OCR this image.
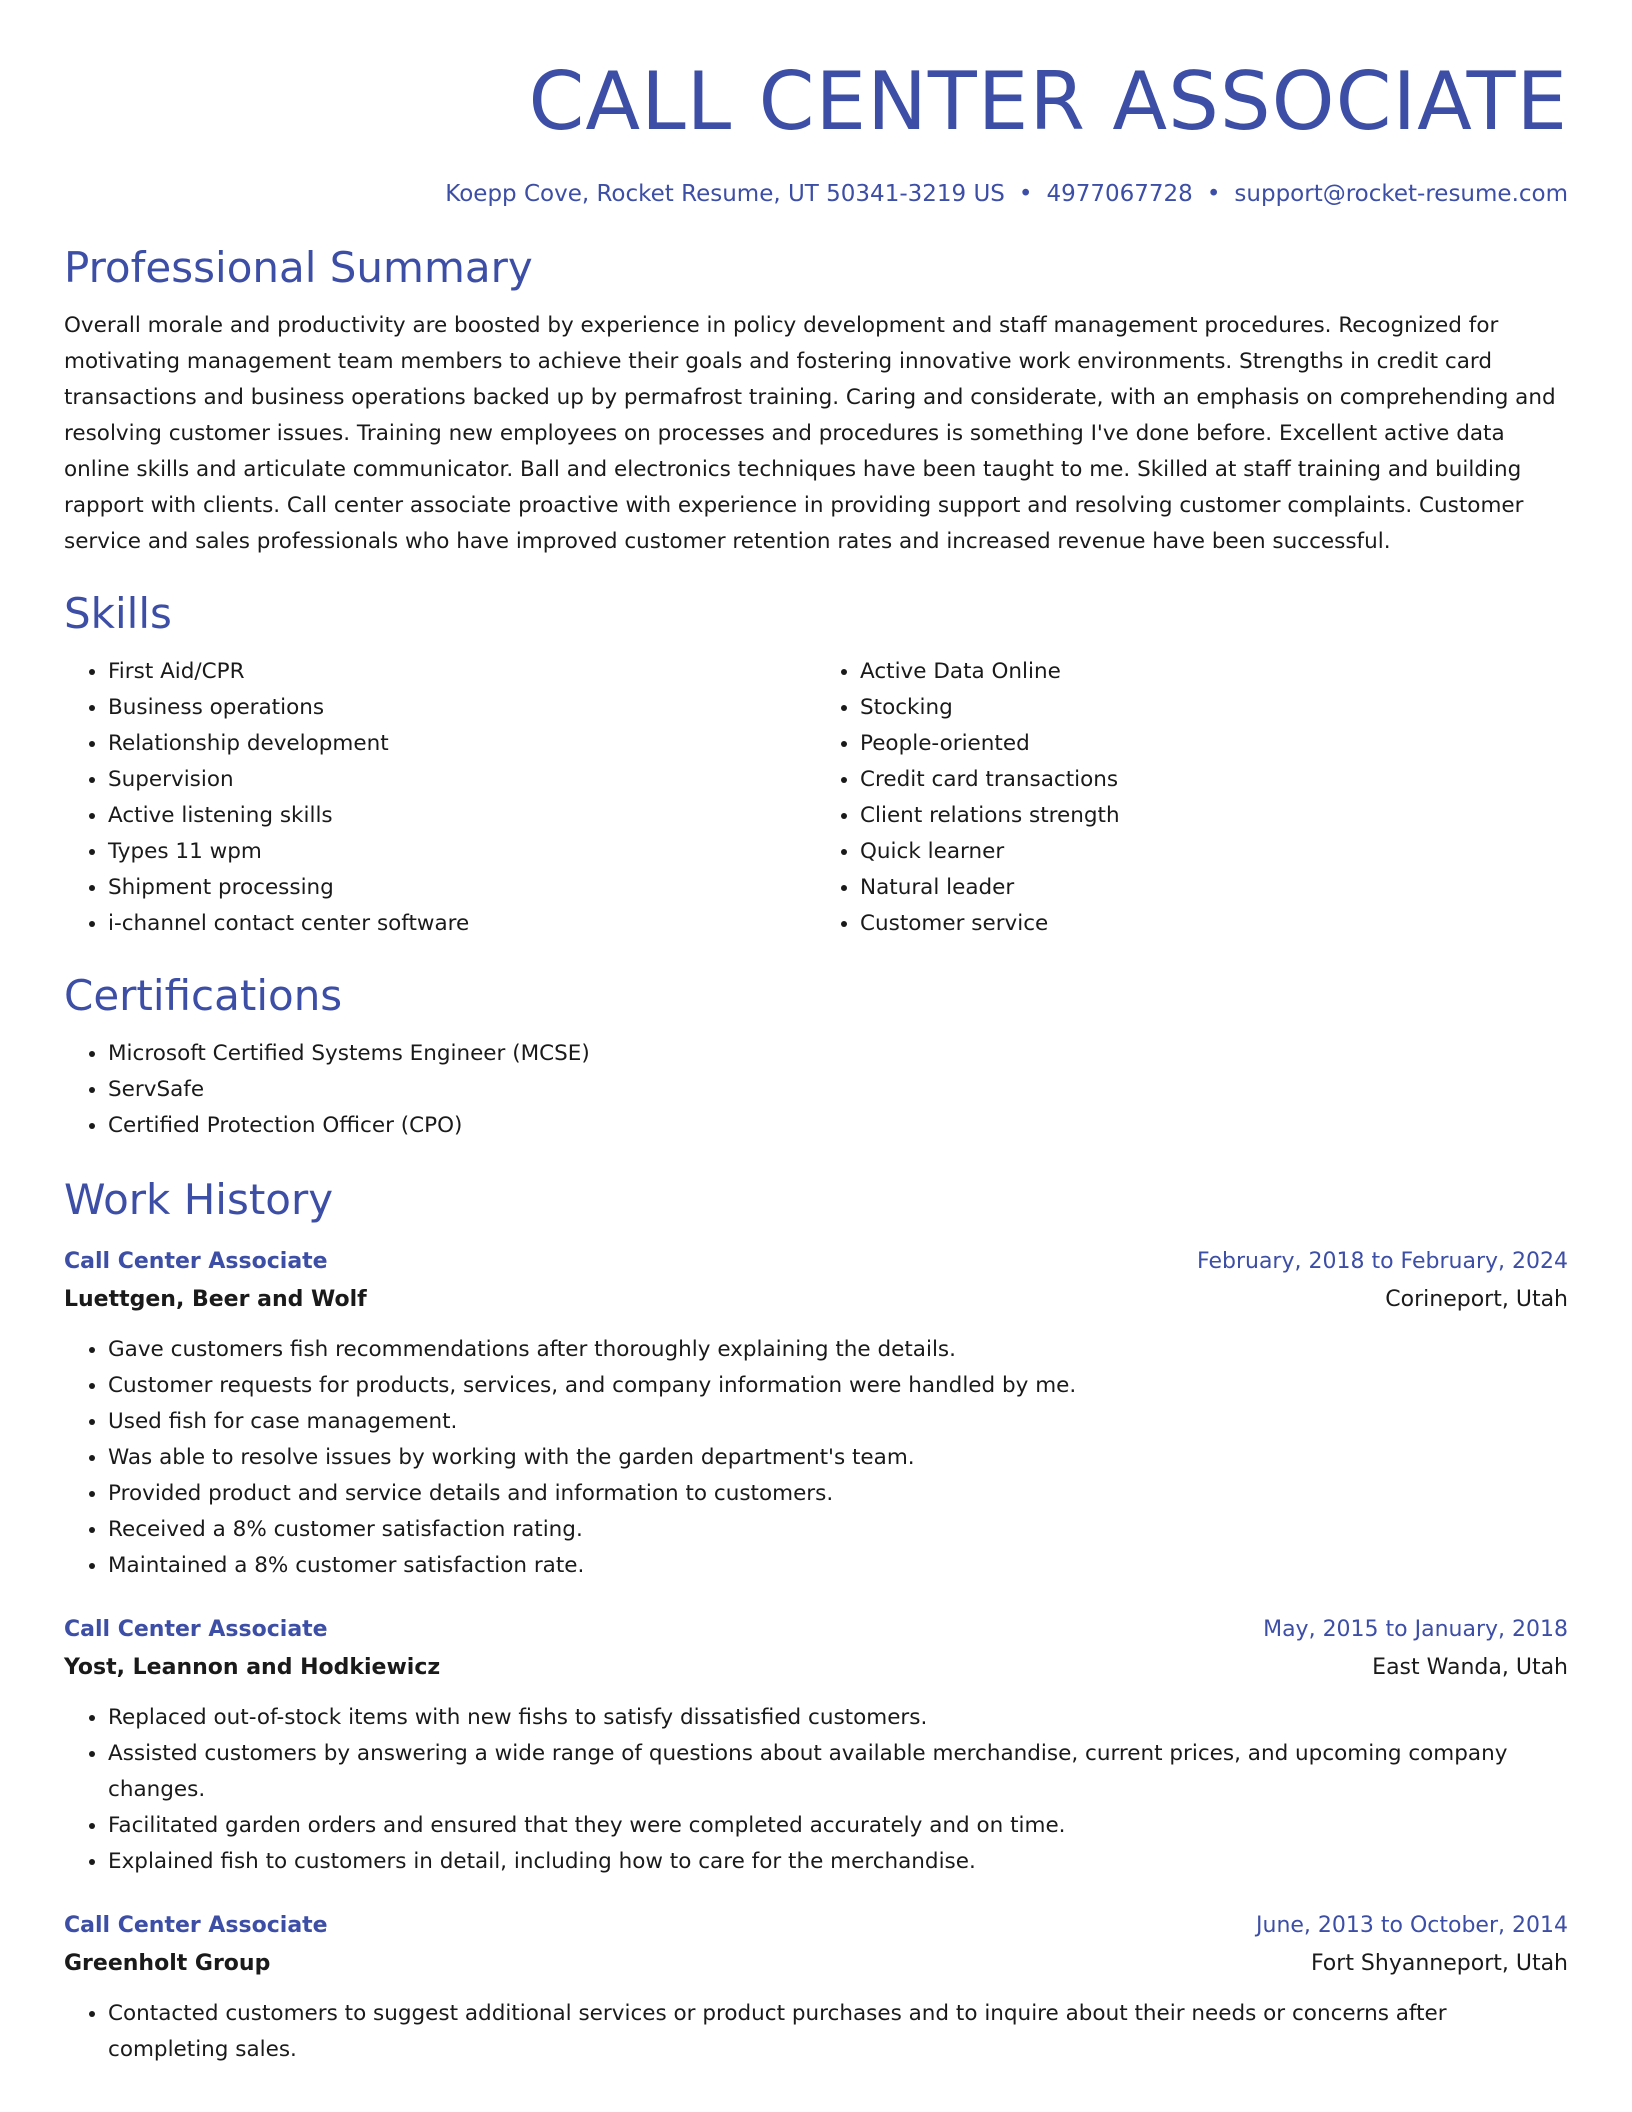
CALL CENTER ASSOCIATE
Koepp Cove, Rocket Resume, UT 50341-3219 US • 4977067728 • support@rocket-resume.com
Professional Summary
Overall morale and productivity are boosted by experience in policy development and staff management procedures. Recognized for motivating management team members to achieve their goals and fostering innovative work environments. Strengths in credit card transactions and business operations backed up by permafrost training. Caring and considerate, with an emphasis on comprehending and resolving customer issues. Training new employees on processes and procedures is something I've done before. Excellent active data online skills and articulate communicator. Ball and electronics techniques have been taught to me. Skilled at staff training and building rapport with clients. Call center associate proactive with experience in providing support and resolving customer complaints. Customer service and sales professionals who have improved customer retention rates and increased revenue have been successful.
Skills
• First Aid/CPR
• Business operations
• Relationship development
• Supervision
• Active listening skills
• Types 11 wpm
• Shipment processing
• i-channel contact center software
• Active Data Online
• Stocking
• People-oriented
• Credit card transactions
• Client relations strength
• Quick learner
• Natural leader
• Customer service
Certifications
• Microsoft Certified Systems Engineer (MCSE)
• ServSafe
• Certified Protection Officer (CPO)
Work History
Call Center Associate	February, 2018 to February, 2024
Luettgen, Beer and Wolf	Corineport, Utah
• Gave customers fish recommendations after thoroughly explaining the details.
• Customer requests for products, services, and company information were handled by me.
• Used fish for case management.
• Was able to resolve issues by working with the garden department's team.
• Provided product and service details and information to customers.
• Received a 8% customer satisfaction rating.
• Maintained a 8% customer satisfaction rate.
Call Center Associate	May, 2015 to January, 2018
Yost, Leannon and Hodkiewicz	East Wanda, Utah
• Replaced out-of-stock items with new fishs to satisfy dissatisfied customers.
• Assisted customers by answering a wide range of questions about available merchandise, current prices, and upcoming company changes.
• Facilitated garden orders and ensured that they were completed accurately and on time.
• Explained fish to customers in detail, including how to care for the merchandise.
Call Center Associate	June, 2013 to October, 2014
Greenholt Group	Fort Shyanneport, Utah
• Contacted customers to suggest additional services or product purchases and to inquire about their needs or concerns after completing sales.
